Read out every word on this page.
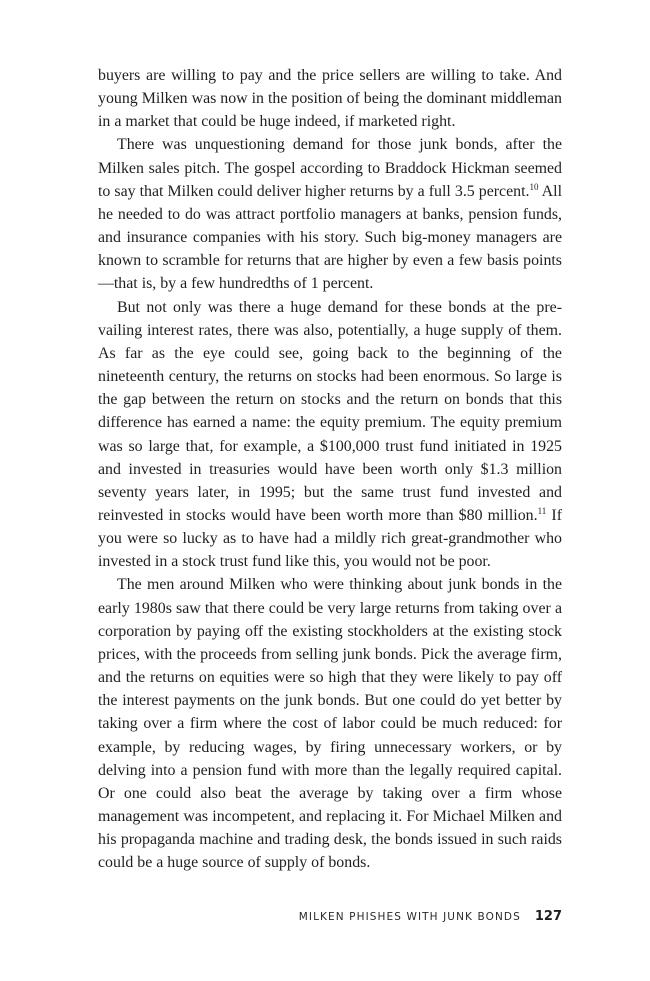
buyers are willing to pay and the price sellers are willing to take. And young Milken was now in the position of being the dominant middleman in a market that could be huge indeed, if marketed right.

There was unquestioning demand for those junk bonds, after the Milken sales pitch. The gospel according to Braddock Hickman seemed to say that Milken could deliver higher returns by a full 3.5 percent.$^{10}$ All he needed to do was attract portfolio managers at banks, pension funds, and insurance companies with his story. Such big-money managers are known to scramble for returns that are higher by even a few basis points—that is, by a few hundredths of 1 percent.

But not only was there a huge demand for these bonds at the prevailing interest rates, there was also, potentially, a huge supply of them. As far as the eye could see, going back to the beginning of the nineteenth century, the returns on stocks had been enormous. So large is the gap between the return on stocks and the return on bonds that this difference has earned a name: the equity premium. The equity premium was so large that, for example, a $100,000 trust fund initiated in 1925 and invested in treasuries would have been worth only $1.3 million seventy years later, in 1995; but the same trust fund invested and reinvested in stocks would have been worth more than $80 million.$^{11}$ If you were so lucky as to have had a mildly rich great-grandmother who invested in a stock trust fund like this, you would not be poor.

The men around Milken who were thinking about junk bonds in the early 1980s saw that there could be very large returns from taking over a corporation by paying off the existing stockholders at the existing stock prices, with the proceeds from selling junk bonds. Pick the average firm, and the returns on equities were so high that they were likely to pay off the interest payments on the junk bonds. But one could do yet better by taking over a firm where the cost of labor could be much reduced: for example, by reducing wages, by firing unnecessary workers, or by delving into a pension fund with more than the legally required capital. Or one could also beat the average by taking over a firm whose management was incompetent, and replacing it. For Michael Milken and his propaganda machine and trading desk, the bonds issued in such raids could be a huge source of supply of bonds.

MILKEN PHISHES WITH JUNK BONDS 127
